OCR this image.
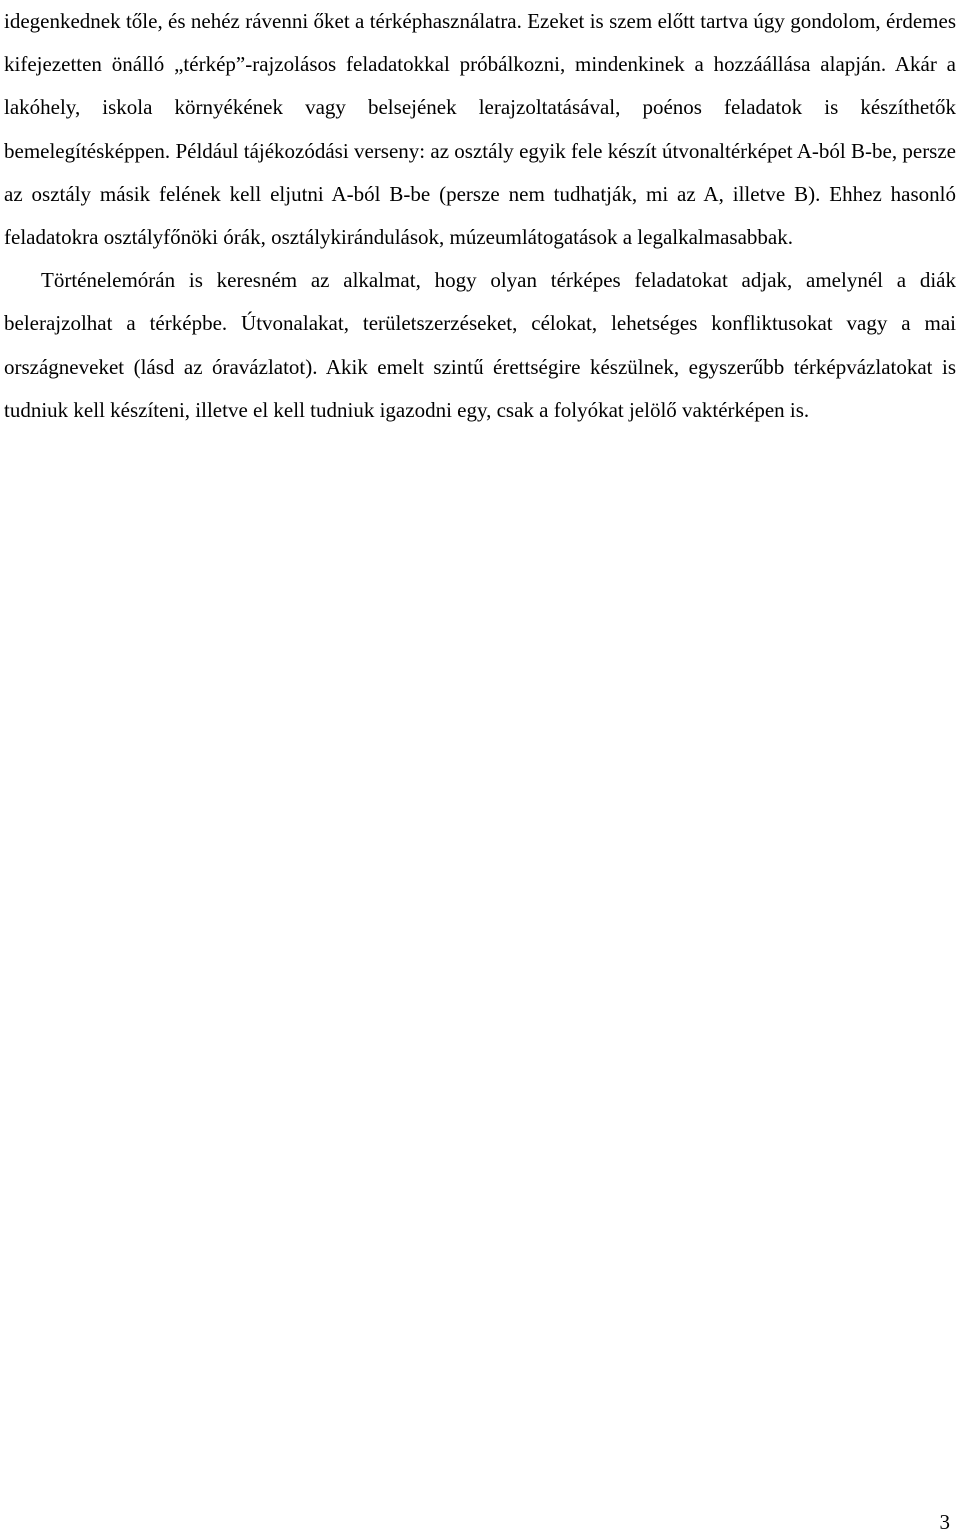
idegenkednek tőle, és nehéz rávenni őket a térképhasználatra. Ezeket is szem előtt tartva úgy gondolom, érdemes kifejezetten önálló „térkép”-rajzolásos feladatokkal próbálkozni, mindenkinek a hozzáállása alapján. Akár a lakóhely, iskola környékének vagy belsejének lerajzoltatásával, poénos feladatok is készíthetők bemelegítésképpen. Például tájékozódási verseny: az osztály egyik fele készít útvonaltérképet A-ból B-be, persze az osztály másik felének kell eljutni A-ból B-be (persze nem tudhatják, mi az A, illetve B). Ehhez hasonló feladatokra osztályfőnöki órák, osztálykirándulások, múzeumlátogatások a legalkalmasabbak.

Történelemórán is keresném az alkalmat, hogy olyan térképes feladatokat adjak, amelynél a diák belerajzolhat a térképbe. Útvonalakat, területszerzéseket, célokat, lehetséges konfliktusokat vagy a mai országneveket (lásd az óravázlatot). Akik emelt szintű érettségire készülnek, egyszerűbb térképvázlatokat is tudniuk kell készíteni, illetve el kell tudniuk igazodni egy, csak a folyókat jelölő vaktérképen is.

3
